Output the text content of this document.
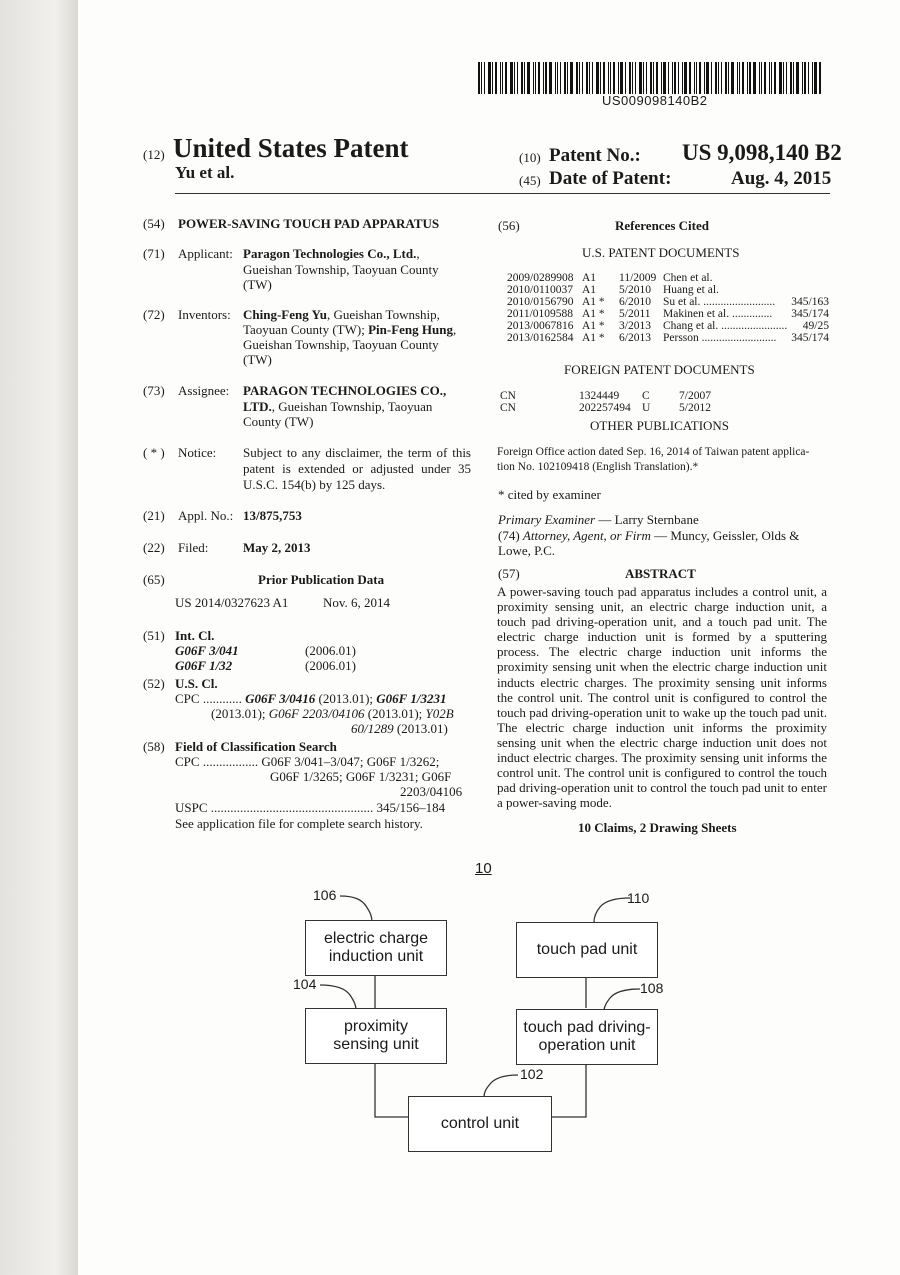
US009098140B2
(12) United States Patent
Yu et al.
(10) Patent No.: US 9,098,140 B2
(45) Date of Patent:	Aug. 4, 2015
(54) POWER-SAVING TOUCH PAD APPARATUS
(71) Applicant: Paragon Technologies Co., Ltd.,
Gueishan Township, Taoyuan County
(TW)
(72) Inventors: Ching-Feng Yu, Gueishan Township,
Taoyuan County (TW); Pin-Feng Hung,
Gueishan Township, Taoyuan County
(TW)
(73) Assignee: PARAGON TECHNOLOGIES CO.,
LTD., Gueishan Township, Taoyuan
County (TW)
( * ) Notice: Subject to any disclaimer, the term of this patent is extended or adjusted under 35 U.S.C. 154(b) by 125 days.
(21) Appl. No.: 13/875,753
(22) Filed:	May 2, 2013
(65)	Prior Publication Data
US 2014/0327623 A1	Nov. 6, 2014
(51) Int. Cl.
G06F 3/041	(2006.01)
G06F 1/32	(2006.01)
(52) U.S. Cl.
CPC ............ G06F 3/0416 (2013.01); G06F 1/3231
(2013.01); G06F 2203/04106 (2013.01); Y02B
60/1289 (2013.01)
(58) Field of Classification Search
CPC ................. G06F 3/041–3/047; G06F 1/3262;
G06F 1/3265; G06F 1/3231; G06F
2203/04106
USPC .................................................. 345/156–184
See application file for complete search history.
(56)	References Cited
U.S. PATENT DOCUMENTS
2009/0289908 A1 11/2009 Chen et al.
2010/0110037 A1 5/2010 Huang et al.
2010/0156790 A1 * 6/2010 Su et al. ......................... 345/163
2011/0109588 A1 * 5/2011 Makinen et al. .............. 345/174
2013/0067816 A1 * 3/2013 Chang et al. ....................... 49/25
2013/0162584 A1 * 6/2013 Persson .......................... 345/174
FOREIGN PATENT DOCUMENTS
CN	1324449 C	7/2007
CN	202257494 U 5/2012
OTHER PUBLICATIONS
Foreign Office action dated Sep. 16, 2014 of Taiwan patent applica-
tion No. 102109418 (English Translation).*
* cited by examiner
Primary Examiner — Larry Sternbane
(74) Attorney, Agent, or Firm — Muncy, Geissler, Olds &
Lowe, P.C.
(57)	ABSTRACT
A power-saving touch pad apparatus includes a control unit, a proximity sensing unit, an electric charge induction unit, a touch pad driving-operation unit, and a touch pad unit. The electric charge induction unit is formed by a sputtering process. The electric charge induction unit informs the proximity sensing unit when the electric charge induction unit inducts electric charges. The proximity sensing unit informs the control unit. The control unit is configured to control the touch pad driving-operation unit to wake up the touch pad unit. The electric charge induction unit informs the proximity sensing unit when the electric charge induction unit does not induct electric charges. The proximity sensing unit informs the control unit. The control unit is configured to control the touch pad driving-operation unit to control the touch pad unit to enter a power-saving mode.
10 Claims, 2 Drawing Sheets
10
electric charge
induction unit
proximity
sensing unit
control unit
touch pad unit
touch pad driving-
operation unit
106
104
110
108
102
